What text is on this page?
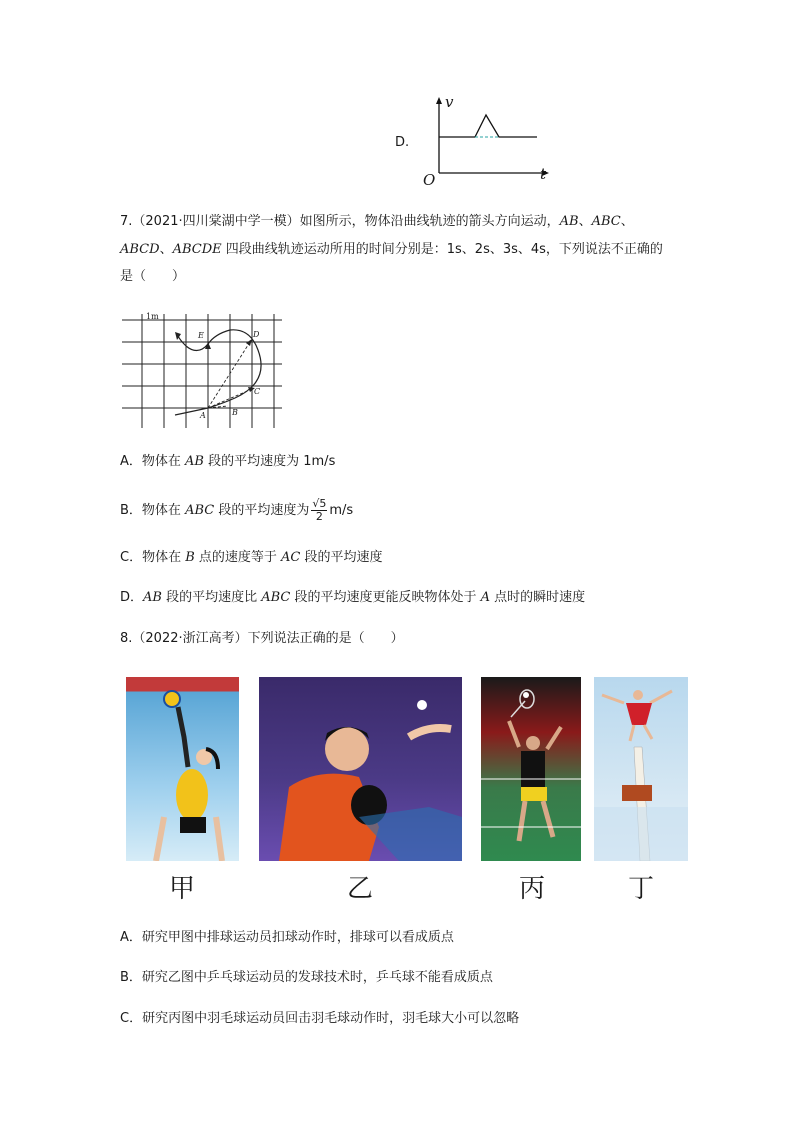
D.
v
t
O
7.（2021·四川棠湖中学一模）如图所示，物体沿曲线轨迹的箭头方向运动，AB、ABC、
ABCD、ABCDE 四段曲线轨迹运动所用的时间分别是：1s、2s、3s、4s，下列说法不正确的
是（　　）
1m
A	B
C
D
E
A．物体在 AB 段的平均速度为 1m/s
B．物体在 ABC 段的平均速度为 $\frac{√5}{2} m/s$
C．物体在 B 点的速度等于 AC 段的平均速度
D．AB 段的平均速度比 ABC 段的平均速度更能反映物体处于 A 点时的瞬时速度
8.（2022·浙江高考）下列说法正确的是（　　）
甲	乙	丙	丁
A．研究甲图中排球运动员扣球动作时，排球可以看成质点
B．研究乙图中乒乓球运动员的发球技术时，乒乓球不能看成质点
C．研究丙图中羽毛球运动员回击羽毛球动作时，羽毛球大小可以忽略
